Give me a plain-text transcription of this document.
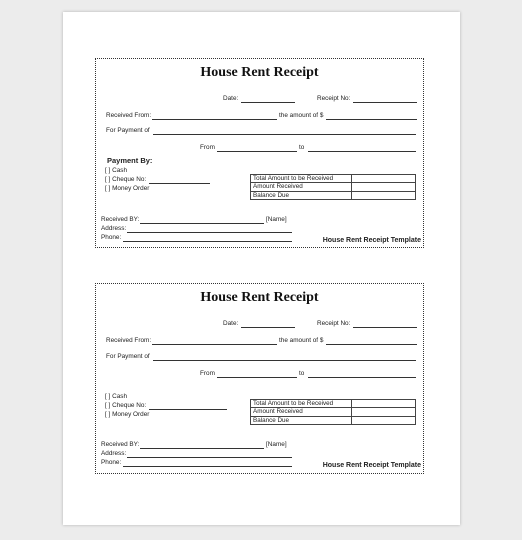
House Rent Receipt
Date:	Receipt No:
Received From:	the amount of $
For Payment of
From	to
Payment By:
[ ] Cash
[ ] Cheque No:
[ ] Money Order
Total Amount to be Received	
Amount Received	
Balance Due	
Received BY:	[Name]
Address:
Phone:	House Rent Receipt Template
House Rent Receipt
Date:	Receipt No:
Received From:	the amount of $
For Payment of
From	to
[ ] Cash
[ ] Cheque No:
[ ] Money Order
Total Amount to be Received	
Amount Received	
Balance Due	
Received BY:	[Name]
Address:
Phone:	House Rent Receipt Template
